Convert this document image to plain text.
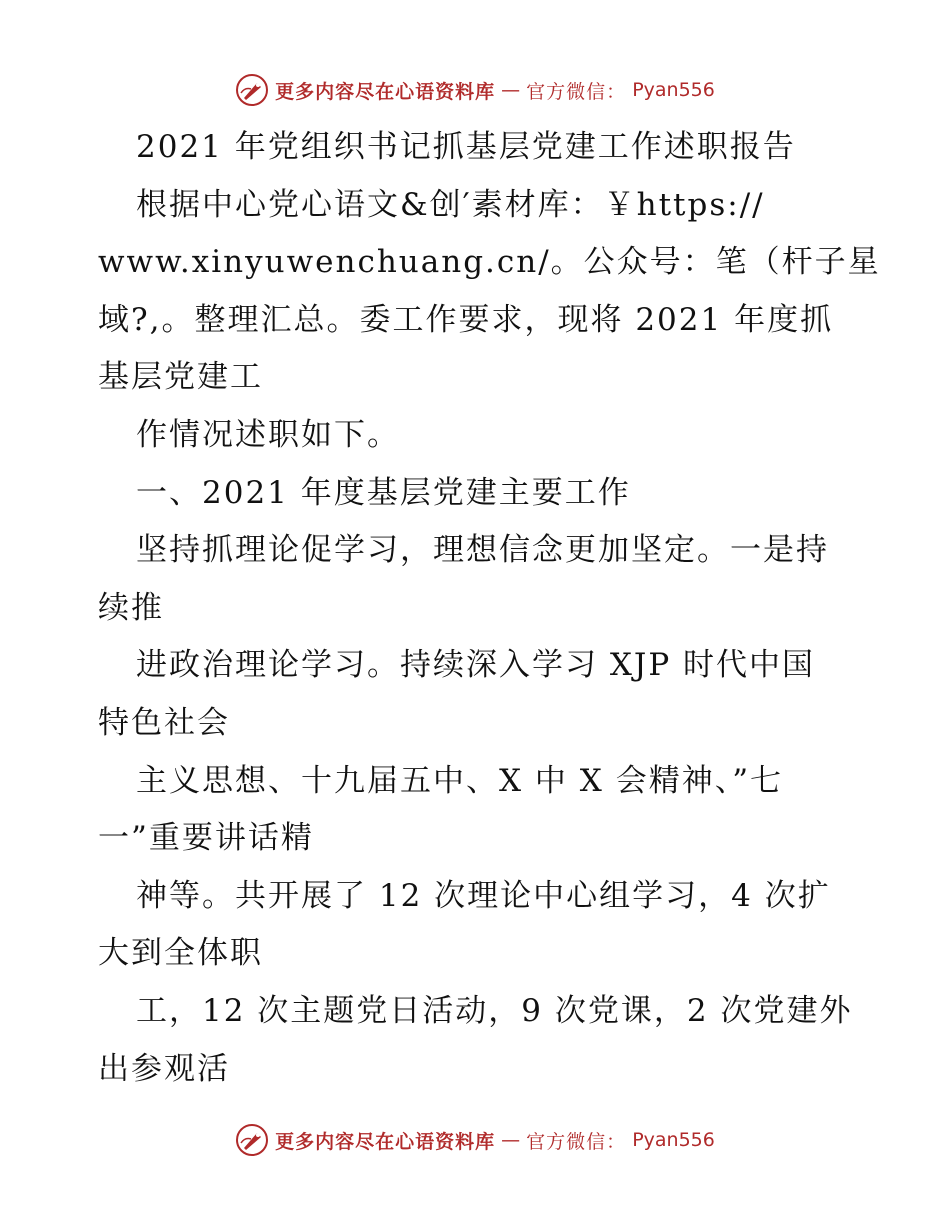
更多内容尽在心语资料库 — 官方微信： Pyan556
2021 年党组织书记抓基层党建工作述职报告
根据中心党心语文&创′素材库：￥https://
www.xinyuwenchuang.cn/。公众号：笔（杆子星
域?,。整理汇总。委工作要求，现将 2021 年度抓
基层党建工
作情况述职如下。
一、2021 年度基层党建主要工作
坚持抓理论促学习，理想信念更加坚定。一是持
续推
进政治理论学习。持续深入学习 XJP 时代中国
特色社会
主义思想、十九届五中、X 中 X 会精神、”七
一”重要讲话精
神等。共开展了 12 次理论中心组学习，4 次扩
大到全体职
工，12 次主题党日活动，9 次党课，2 次党建外
出参观活
更多内容尽在心语资料库 — 官方微信： Pyan556
